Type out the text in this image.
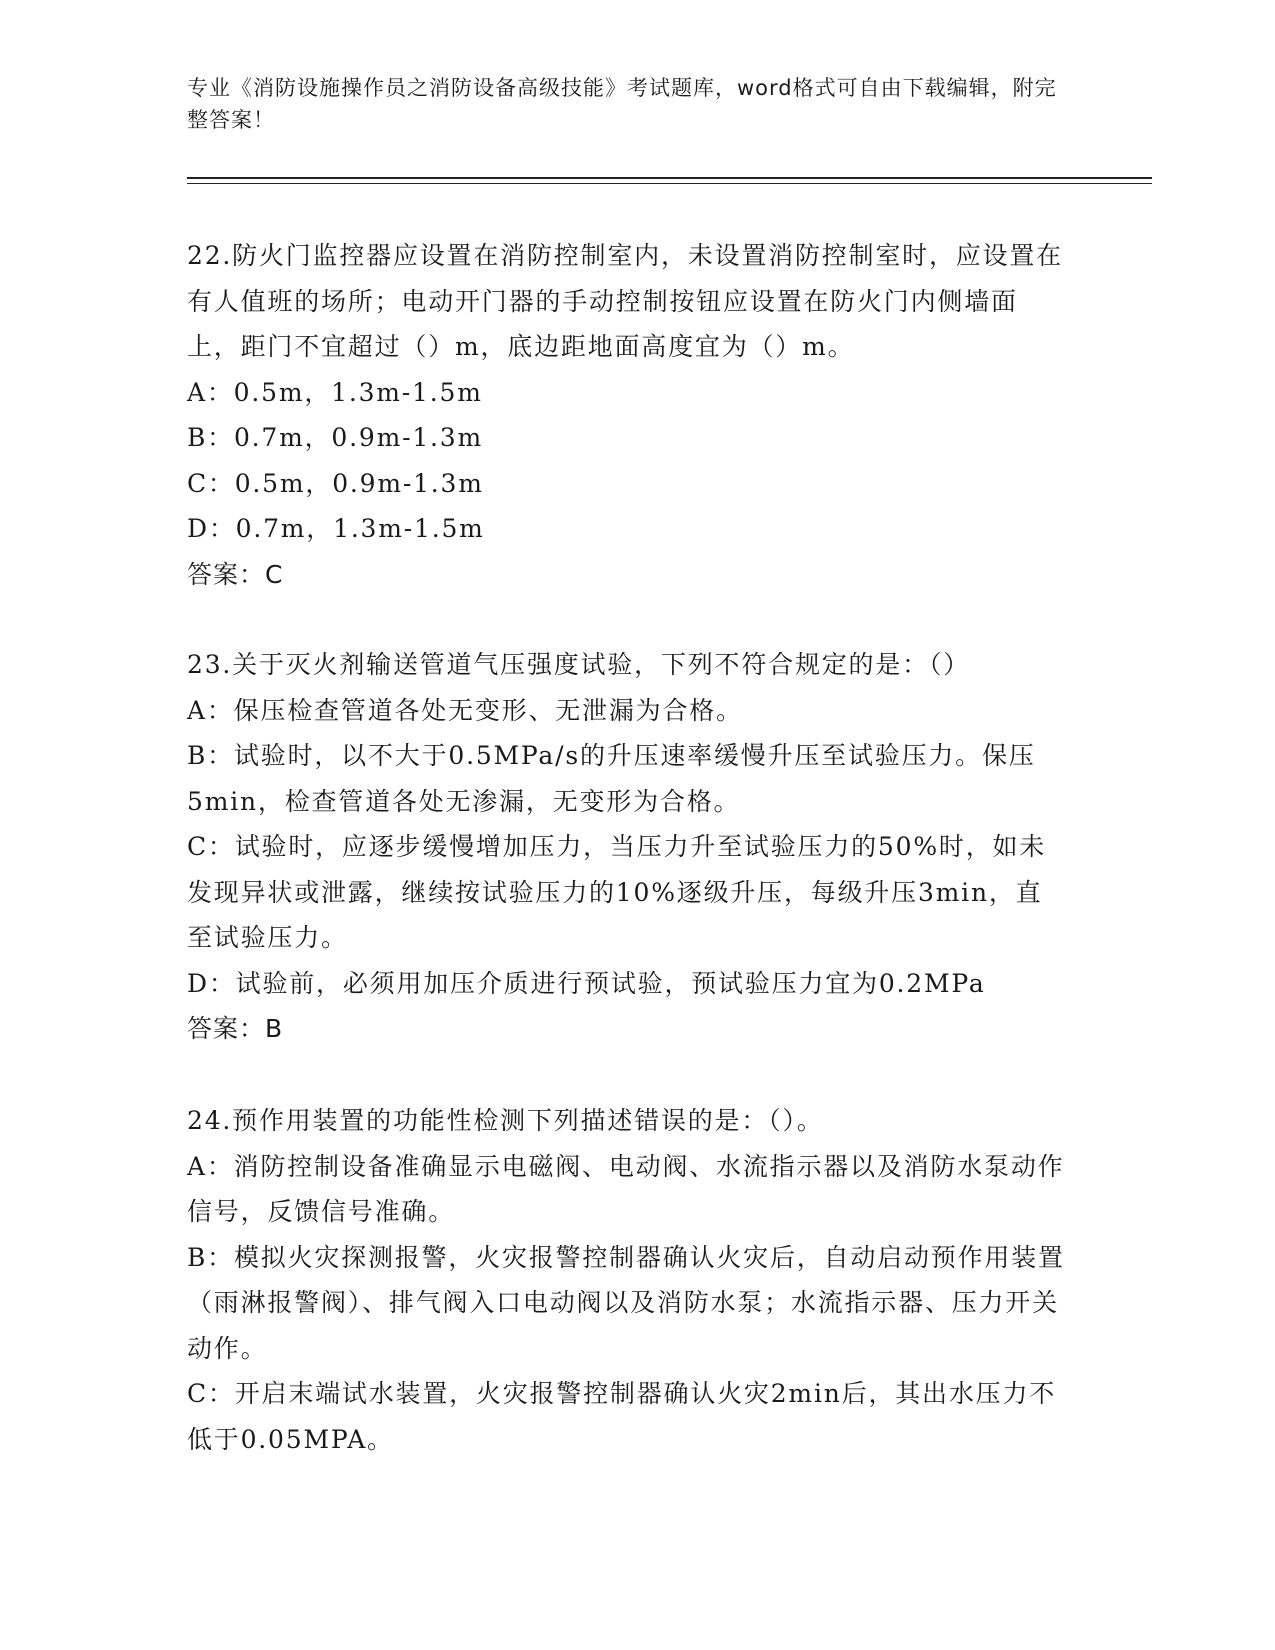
专业《消防设施操作员之消防设备高级技能》考试题库，word格式可自由下载编辑，附完整答案！

22.防火门监控器应设置在消防控制室内，未设置消防控制室时，应设置在有人值班的场所；电动开门器的手动控制按钮应设置在防火门内侧墙面上，距门不宜超过（）m，底边距地面高度宜为（）m。

A：0.5m，1.3m-1.5m

B：0.7m，0.9m-1.3m

C：0.5m，0.9m-1.3m

D：0.7m，1.3m-1.5m

答案：C

23.关于灭火剂输送管道气压强度试验，下列不符合规定的是：（）

A：保压检查管道各处无变形、无泄漏为合格。

B：试验时，以不大于0.5MPa/s的升压速率缓慢升压至试验压力。保压5min，检查管道各处无渗漏，无变形为合格。

C：试验时，应逐步缓慢增加压力，当压力升至试验压力的50%时，如未发现异状或泄露，继续按试验压力的10%逐级升压，每级升压3min，直至试验压力。

D：试验前，必须用加压介质进行预试验，预试验压力宜为0.2MPa

答案：B

24.预作用装置的功能性检测下列描述错误的是：（）。

A：消防控制设备准确显示电磁阀、电动阀、水流指示器以及消防水泵动作信号，反馈信号准确。

B：模拟火灾探测报警，火灾报警控制器确认火灾后，自动启动预作用装置（雨淋报警阀）、排气阀入口电动阀以及消防水泵；水流指示器、压力开关动作。

C：开启末端试水装置，火灾报警控制器确认火灾2min后，其出水压力不低于0.05MPA。
